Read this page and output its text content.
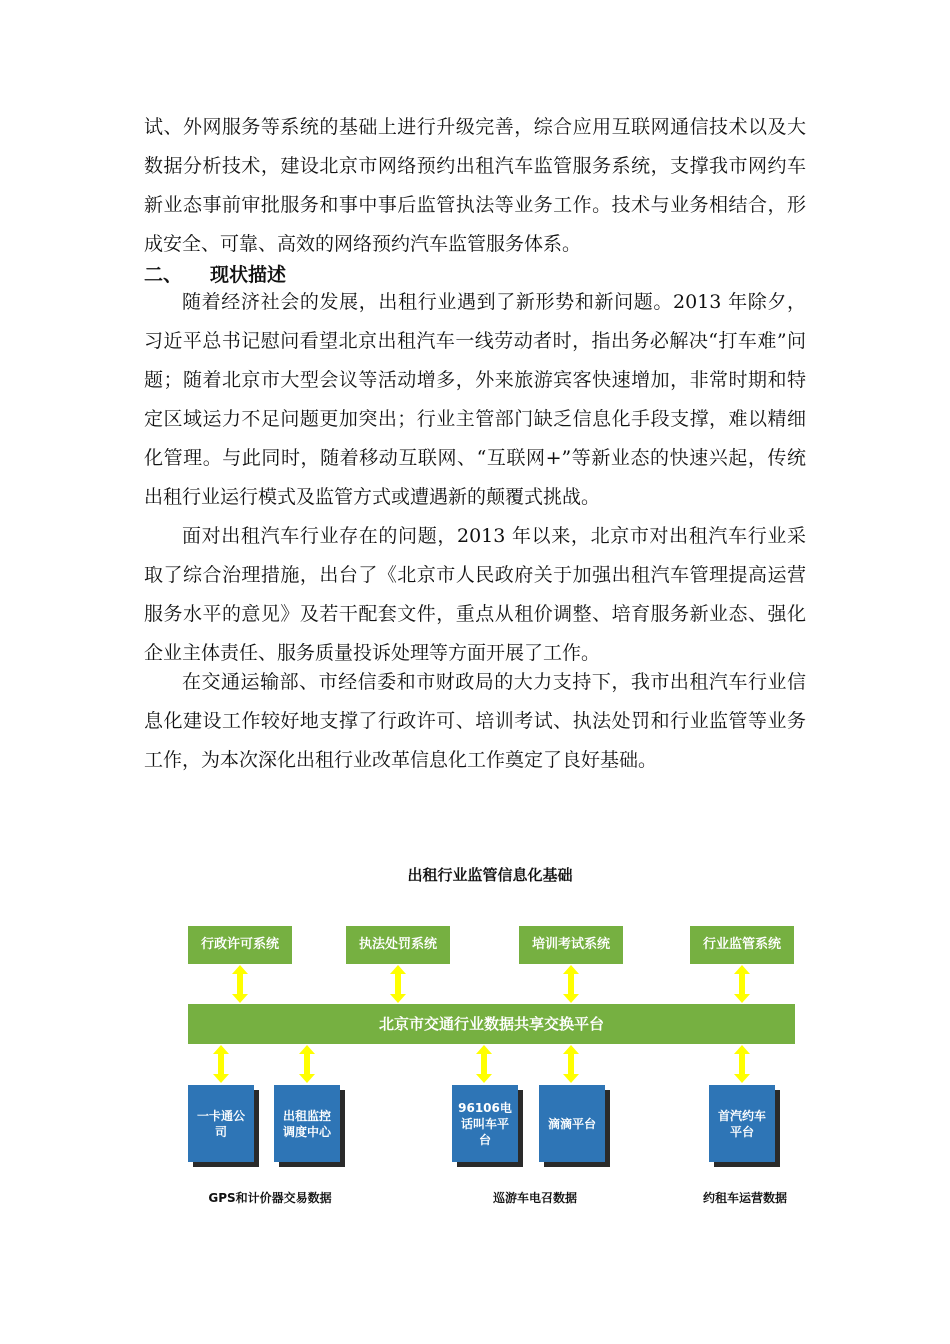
试、外网服务等系统的基础上进行升级完善，综合应用互联网通信技术以及大数据分析技术，建设北京市网络预约出租汽车监管服务系统，支撑我市网约车新业态事前审批服务和事中事后监管执法等业务工作。技术与业务相结合，形成安全、可靠、高效的网络预约汽车监管服务体系。

二、 现状描述

随着经济社会的发展，出租行业遇到了新形势和新问题。2013 年除夕，习近平总书记慰问看望北京出租汽车一线劳动者时，指出务必解决“打车难”问题；随着北京市大型会议等活动增多，外来旅游宾客快速增加，非常时期和特定区域运力不足问题更加突出；行业主管部门缺乏信息化手段支撑，难以精细化管理。与此同时，随着移动互联网、“互联网+”等新业态的快速兴起，传统出租行业运行模式及监管方式或遭遇新的颠覆式挑战。

面对出租汽车行业存在的问题，2013 年以来，北京市对出租汽车行业采取了综合治理措施，出台了《北京市人民政府关于加强出租汽车管理提高运营服务水平的意见》及若干配套文件，重点从租价调整、培育服务新业态、强化企业主体责任、服务质量投诉处理等方面开展了工作。

在交通运输部、市经信委和市财政局的大力支持下，我市出租汽车行业信息化建设工作较好地支撑了行政许可、培训考试、执法处罚和行业监管等业务工作，为本次深化出租行业改革信息化工作奠定了良好基础。

出租行业监管信息化基础
行政许可系统	执法处罚系统	培训考试系统	行业监管系统
北京市交通行业数据共享交换平台
一卡通公司
出租监控调度中心
96106电话叫车平台
滴滴平台
首汽约车平台
GPS和计价器交易数据	巡游车电召数据	约租车运营数据
